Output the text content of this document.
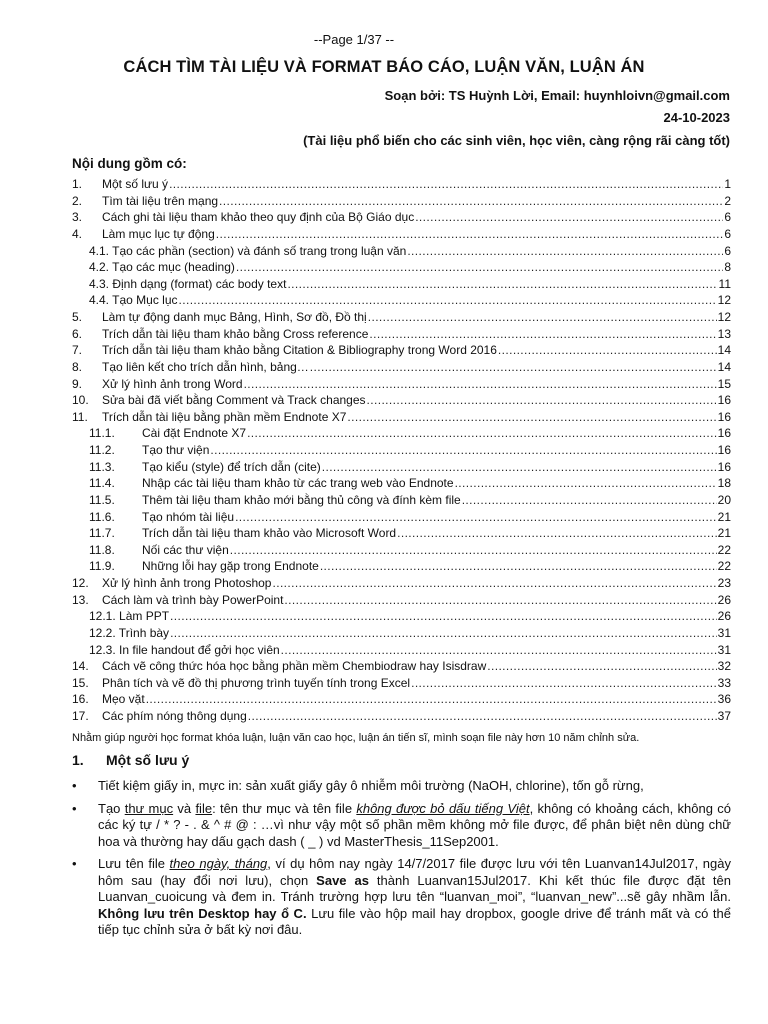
--Page 1/37 --
CÁCH TÌM TÀI LIỆU VÀ FORMAT BÁO CÁO, LUẬN VĂN, LUẬN ÁN
Soạn bởi: TS Huỳnh Lời, Email: huynhloivn@gmail.com
24-10-2023
(Tài liệu phổ biến cho các sinh viên, học viên, càng rộng rãi càng tốt)
Nội dung gồm có:
1.	Một số lưu ý .....	1
2.	Tìm tài liệu trên mạng .....	2
3.	Cách ghi tài liệu tham khảo theo quy định của Bộ Giáo dục .....	6
4.	Làm mục lục tự động .....	6
4.1. Tạo các phần (section) và đánh số trang trong luận văn .....	6
4.2. Tạo các mục (heading) .....	8
4.3. Định dạng (format) các body text .....	11
4.4. Tạo Mục lục .....	12
5.	Làm tự động danh mục Bảng, Hình, Sơ đồ, Đồ thị .....	12
6.	Trích dẫn tài liệu tham khảo bằng Cross reference .....	13
7.	Trích dẫn tài liệu tham khảo bằng Citation & Bibliography trong Word 2016 .....	14
8.	Tạo liên kết cho trích dẫn hình, bảng… .....	14
9.	Xử lý hình ảnh trong Word .....	15
10.	Sửa bài đã viết bằng Comment và Track changes .....	16
11.	Trích dẫn tài liệu bằng phần mềm Endnote X7 .....	16
11.1.	Cài đặt Endnote X7 .....	16
11.2.	Tạo thư viện .....	16
11.3.	Tạo kiểu (style) để trích dẫn (cite) .....	16
11.4.	Nhập các tài liệu tham khảo từ các trang web vào Endnote .....	18
11.5.	Thêm tài liệu tham khảo mới bằng thủ công và đính kèm file .....	20
11.6.	Tạo nhóm tài liệu .....	21
11.7.	Trích dẫn tài liệu tham khảo vào Microsoft Word .....	21
11.8.	Nối các thư viện .....	22
11.9.	Những lỗi hay gặp trong Endnote .....	22
12.	Xử lý hình ảnh trong Photoshop .....	23
13.	Cách làm và trình bày PowerPoint .....	26
12.1. Làm PPT .....	26
12.2. Trình bày .....	31
12.3. In file handout để gởi học viên .....	31
14.	Cách vẽ công thức hóa học bằng phần mềm Chembiodraw hay Isisdraw .....	32
15.	Phân tích và vẽ đồ thị phương trình tuyến tính trong Excel .....	33
16.	Mẹo vặt .....	36
17.	Các phím nóng thông dụng .....	37
Nhằm giúp người học format khóa luận, luận văn cao học, luận án tiến sĩ, mình soạn file này hơn 10 năm chỉnh sửa.
1. Một số lưu ý
• Tiết kiệm giấy in, mực in: sản xuất giấy gây ô nhiễm môi trường (NaOH, chlorine), tốn gỗ rừng,
• Tạo thư mục và file: tên thư mục và tên file không được bỏ dấu tiếng Việt, không có khoảng cách, không có các ký tự / * ? - . & ^ # @ : …vì như vậy một số phần mềm không mở file được, để phân biệt nên dùng chữ hoa và thường hay dấu gạch dash ( _ ) vd MasterThesis_11Sep2001.
• Lưu tên file theo ngày, tháng, ví dụ hôm nay ngày 14/7/2017 file được lưu với tên Luanvan14Jul2017, ngày hôm sau (hay đổi nơi lưu), chọn Save as thành Luanvan15Jul2017. Khi kết thúc file được đặt tên Luanvan_cuoicung và đem in. Tránh trường hợp lưu tên “luanvan_moi”, “luanvan_new”...sẽ gây nhầm lẫn. Không lưu trên Desktop hay ổ C. Lưu file vào hộp mail hay dropbox, google drive để tránh mất và có thể tiếp tục chỉnh sửa ở bất kỳ nơi đâu.
